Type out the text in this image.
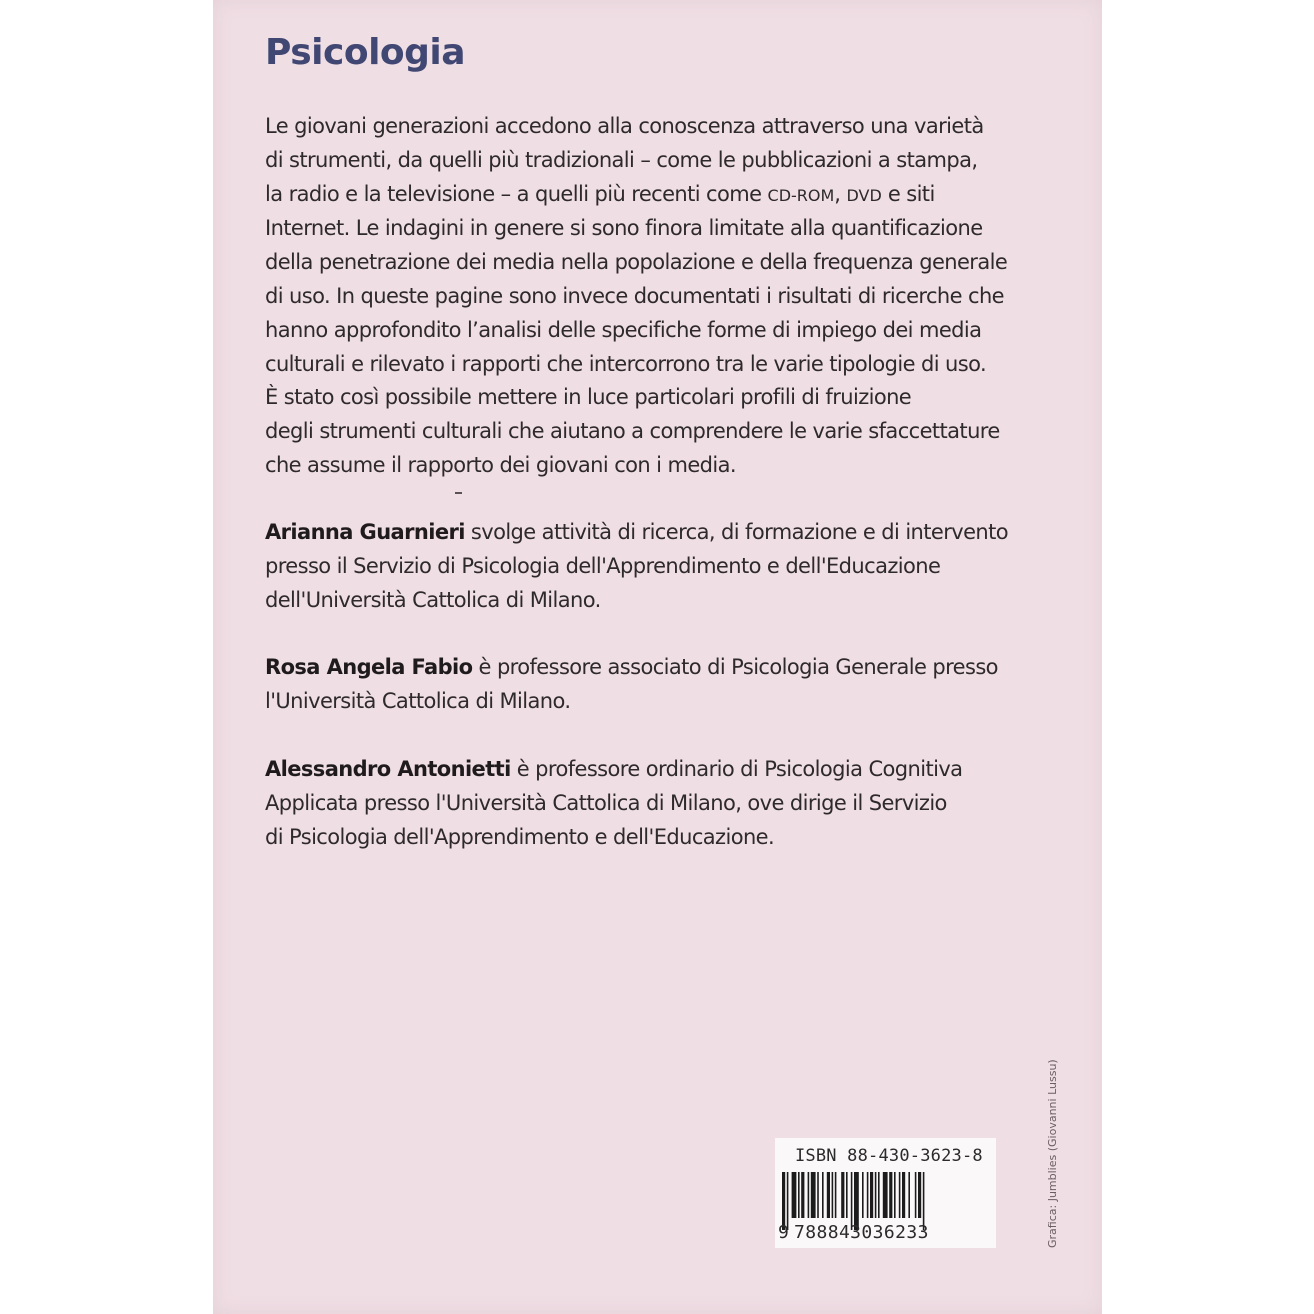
Psicologia
Le giovani generazioni accedono alla conoscenza attraverso una varietà
di strumenti, da quelli più tradizionali – come le pubblicazioni a stampa,
la radio e la televisione – a quelli più recenti come CD-ROM, DVD e siti
Internet. Le indagini in genere si sono finora limitate alla quantificazione
della penetrazione dei media nella popolazione e della frequenza generale
di uso. In queste pagine sono invece documentati i risultati di ricerche che
hanno approfondito l’analisi delle specifiche forme di impiego dei media
culturali e rilevato i rapporti che intercorrono tra le varie tipologie di uso.
È stato così possibile mettere in luce particolari profili di fruizione
degli strumenti culturali che aiutano a comprendere le varie sfaccettature
che assume il rapporto dei giovani con i media.
Arianna Guarnieri svolge attività di ricerca, di formazione e di intervento
presso il Servizio di Psicologia dell'Apprendimento e dell'Educazione
dell'Università Cattolica di Milano.
Rosa Angela Fabio è professore associato di Psicologia Generale presso
l'Università Cattolica di Milano.
Alessandro Antonietti è professore ordinario di Psicologia Cognitiva
Applicata presso l'Università Cattolica di Milano, ove dirige il Servizio
di Psicologia dell'Apprendimento e dell'Educazione.
ISBN 88-430-3623-8
9 788843036233	Grafica: Jumblies (Giovanni Lussu)
